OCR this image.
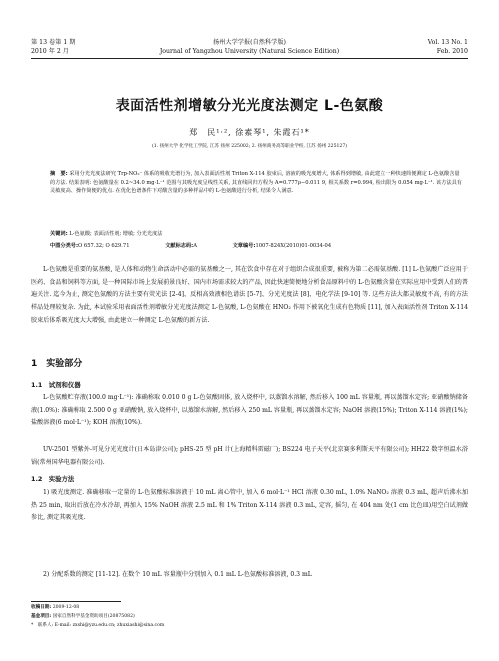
第 13 卷第 1 期
2010 年 2 月
扬州大学学报(自然科学版)
Journal of Yangzhou University (Natural Science Edition)
Vol. 13 No. 1
Feb. 2010
表面活性剂增敏分光光度法测定 L-色氨酸
郑　民¹·², 徐素琴¹, 朱霞石¹*
(1. 扬州大学 化学化工学院, 江苏 扬州 225002; 2. 扬州商务高等职业学校, 江苏 扬州 225127)
摘　要: 采用分光光度法研究 Trp-NO₂⁻ 体系的吸收光谱行为, 加入表面活性剂 Triton X-114 胶束后, 溶液的吸光度增大, 体系得到增敏, 由此建立一种快速简便测定 L-色氨酸含量的方法. 结果表明: 色氨酸量在 0.2~34.0 mg·L⁻¹ 范围与其吸光度呈线性关系, 其直线回归方程为 A=0.777ρ−0.011 9, 相关系数 r=0.994, 检出限为 0.054 mg·L⁻¹. 该方法具有灵敏度高、操作简便的优点. 在优化色谱条件下对酸含量的多种样品中的 L-色氨酸进行分析, 结果令人满意.
关键词: L-色氨酸; 表面活性剂; 增敏; 分光光度法
中图分类号:O 657.32; O 629.71	文献标志码:A	文章编号:1007-824X(2010)01-0034-04
L-色氨酸是重要的氨基酸, 是人体和动物生命活动中必需的氨基酸之一, 其在饮食中存在对于组织合成很重要, 被称为第二必需氨基酸. [1] L-色氨酸广泛应用于医药、食品和饲料等方面, 是一种国际市场上发展前景良好、国内市场需求较大的产品, 因此快速简便地分析食品原料中的 L-色氨酸含量在实际应用中受到人们的普遍关注. 迄今为止, 测定色氨酸的方法主要有荧光法 [2-4]、反相高效液相色谱法 [5-7]、分光光度法 [8]、电化学法 [9-10] 等. 这些方法大都灵敏度不高, 有的方法样品处理较复杂. 为此, 本试验采用表面活性剂增敏分光光度法测定 L-色氨酸, L-色氨酸在 HNO₂ 作用下被氧化生成有色物质 [11], 加入表面活性剂 Triton X-114 胶束后体系吸光度大大增强, 由此建立一种测定 L-色氨酸的新方法.
1　实验部分
1.1　试剂和仪器
L-色氨酸贮存液(100.0 mg·L⁻¹): 准确称取 0.010 0 g L-色氨酸固体, 放入烧杯中, 以蒸馏水溶解, 然后移入 100 mL 容量瓶, 再以蒸馏水定容; 亚硝酸钠储备液(1.0%): 准确称取 2.500 0 g 亚硝酸钠, 放入烧杯中, 以蒸馏水溶解, 然后移入 250 mL 容量瓶, 再以蒸馏水定容; NaOH 溶液(15%); Triton X-114 溶液(1%); 盐酸溶液(6 mol·L⁻¹); KOH 溶液(10%).
UV-2501 型紫外-可见分光光度计(日本岛津公司); pHS-25 型 pH 计(上海精科雷磁厂); BS224 电子天平(北京赛多利斯天平有限公司); HH22 数字恒温水浴锅(常州国华电器有限公司).
1.2　实验方法
1) 吸光度测定. 准确移取一定量的 L-色氨酸标准溶液于 10 mL 离心管中, 加入 6 mol·L⁻¹ HCl 溶液 0.30 mL, 1.0% NaNO₂ 溶液 0.3 mL, 超声后沸水加热 25 min, 取出后放在冷水冷却, 再加入 15% NaOH 溶液 2.5 mL 和 1% Triton X-114 溶液 0.3 mL, 定容, 摇匀, 在 404 nm 处(1 cm 比色皿)用空白试剂做参比, 测定其吸光度.
2) 分配系数的测定 [11-12]. 在数个 10 mL 容量瓶中分别加入 0.1 mL L-色氨酸标准溶液, 0.3 mL
收稿日期: 2009-12-08
基金项目: 国家自然科学基金资助项目(20875082)
* 联系人: E-mail: zxshi@yzu.edu.cn; zhuxiashi@sina.com
